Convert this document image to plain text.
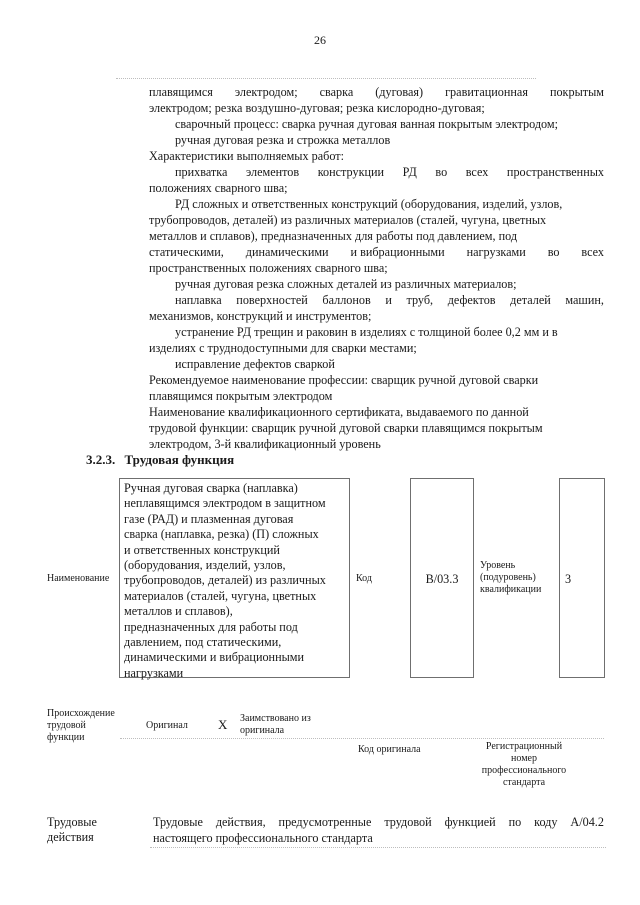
26
плавящимся электродом; сварка (дуговая) гравитационная покрытым
электродом; резка воздушно-дуговая; резка кислородно-дуговая;
сварочный процесс: сварка ручная дуговая ванная покрытым электродом;
ручная дуговая резка и строжка металлов
Характеристики выполняемых работ:
прихватка элементов конструкции РД во всех пространственных
положениях сварного шва;
РД сложных и ответственных конструкций (оборудования, изделий, узлов,
трубопроводов, деталей) из различных материалов (сталей, чугуна, цветных
металлов и сплавов), предназначенных для работы под давлением, под
статическими, динамическими и вибрационными нагрузками во всех
пространственных положениях сварного шва;
ручная дуговая резка сложных деталей из различных материалов;
наплавка поверхностей баллонов и труб, дефектов деталей машин,
механизмов, конструкций и инструментов;
устранение РД трещин и раковин в изделиях с толщиной более 0,2 мм и в
изделиях с труднодоступными для сварки местами;
исправление дефектов сваркой
Рекомендуемое наименование профессии: сварщик ручной дуговой сварки
плавящимся покрытым электродом
Наименование квалификационного сертификата, выдаваемого по данной
трудовой функции: сварщик ручной дуговой сварки плавящимся покрытым
электродом, 3-й квалификационный уровень
3.2.3. Трудовая функция
Наименование
Ручная дуговая сварка (наплавка)
неплавящимся электродом в защитном
газе (РАД) и плазменная дуговая
сварка (наплавка, резка) (П) сложных
и ответственных конструкций
(оборудования, изделий, узлов,
трубопроводов, деталей) из различных
материалов (сталей, чугуна, цветных
металлов и сплавов),
предназначенных для работы под
давлением, под статическими,
динамическими и вибрационными
нагрузками
Код	B/03.3
Уровень
(подуровень)
квалификации
3
Происхождение
трудовой
функции
Оригинал X Заимствовано из
оригинала
Код оригинала	Регистрационный
номер
профессионального
стандарта
Трудовые
действия
Трудовые действия, предусмотренные трудовой функцией по коду А/04.2
настоящего профессионального стандарта
